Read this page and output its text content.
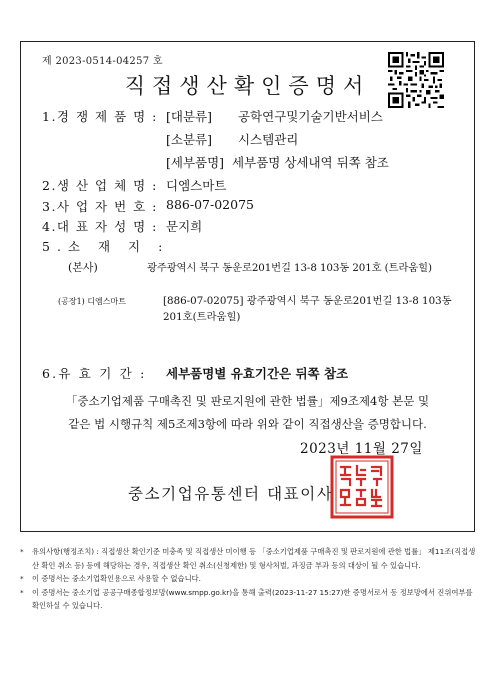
제 2023-0514-04257 호
직접생산확인증명서
1.경 쟁 제 품 명 : [대분류] 공학연구및기술기반서비스
[소분류] 시스템관리
[세부품명] 세부품명 상세내역 뒤쪽 참조
2.생 산 업 체 명 : 디엠스마트
3.사 업 자 번 호 : 886-07-02075
4.대 표 자 성 명 : 문지희
5.소 재 지 :
(본사)	광주광역시 북구 동운로201번길 13-8 103동 201호 (트라움힐)
(공장1) 디엠스마트	[886-07-02075] 광주광역시 북구 동운로201번길 13-8 103동 201호(트라움힐)
6.유 효 기 간 : 세부품명별 유효기간은 뒤쪽 참조
「중소기업제품 구매촉진 및 판로지원에 관한 법률」제9조제4항 본문 및
같은 법 시행규칙 제5조제3항에 따라 위와 같이 직접생산을 증명합니다.
2023년 11월 27일
중소기업유통센터 대표이사
* 유의사항(행정조치) : 직접생산 확인기준 미충족 및 직접생산 미이행 등 「중소기업제품 구매촉진 및 판로지원에 관한 법률」 제11조(직접생산 확인 취소 등) 등에 해당하는 경우, 직접생산 확인 취소(신청제한) 및 형사처벌, 과징금 부과 등의 대상이 될 수 있습니다.
* 이 증명서는 중소기업확인용으로 사용할 수 없습니다.
* 이 증명서는 중소기업 공공구매종합정보망(www.smpp.go.kr)을 통해 출력(2023-11-27 15:27)한 증명서로서 동 정보망에서 진위여부를 확인하실 수 있습니다.
